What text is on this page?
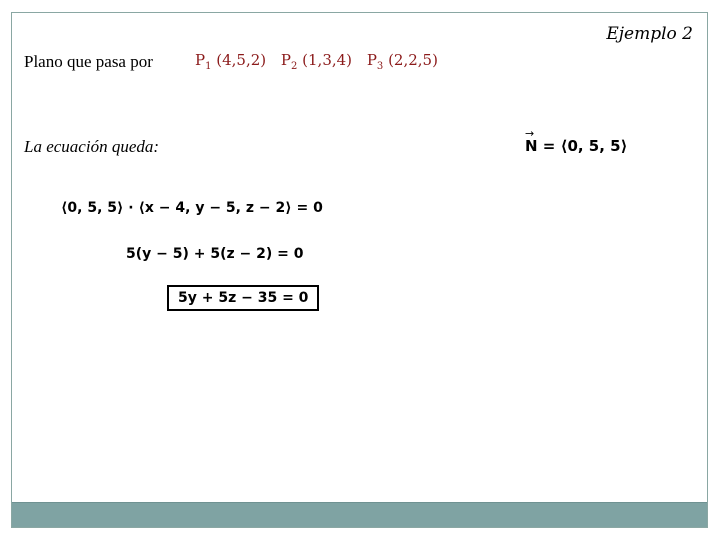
Ejemplo 2
Plano que pasa por	$P_1$ (4,5,2) $P_2$ (1,3,4) $P_3$ (2,2,5)
La ecuación queda:	N
→
= ⟨0, 5, 5⟩
⟨0, 5, 5⟩ · ⟨x − 4, y − 5, z − 2⟩ = 0
5(y − 5) + 5(z − 2) = 0
5y + 5z − 35 = 0
